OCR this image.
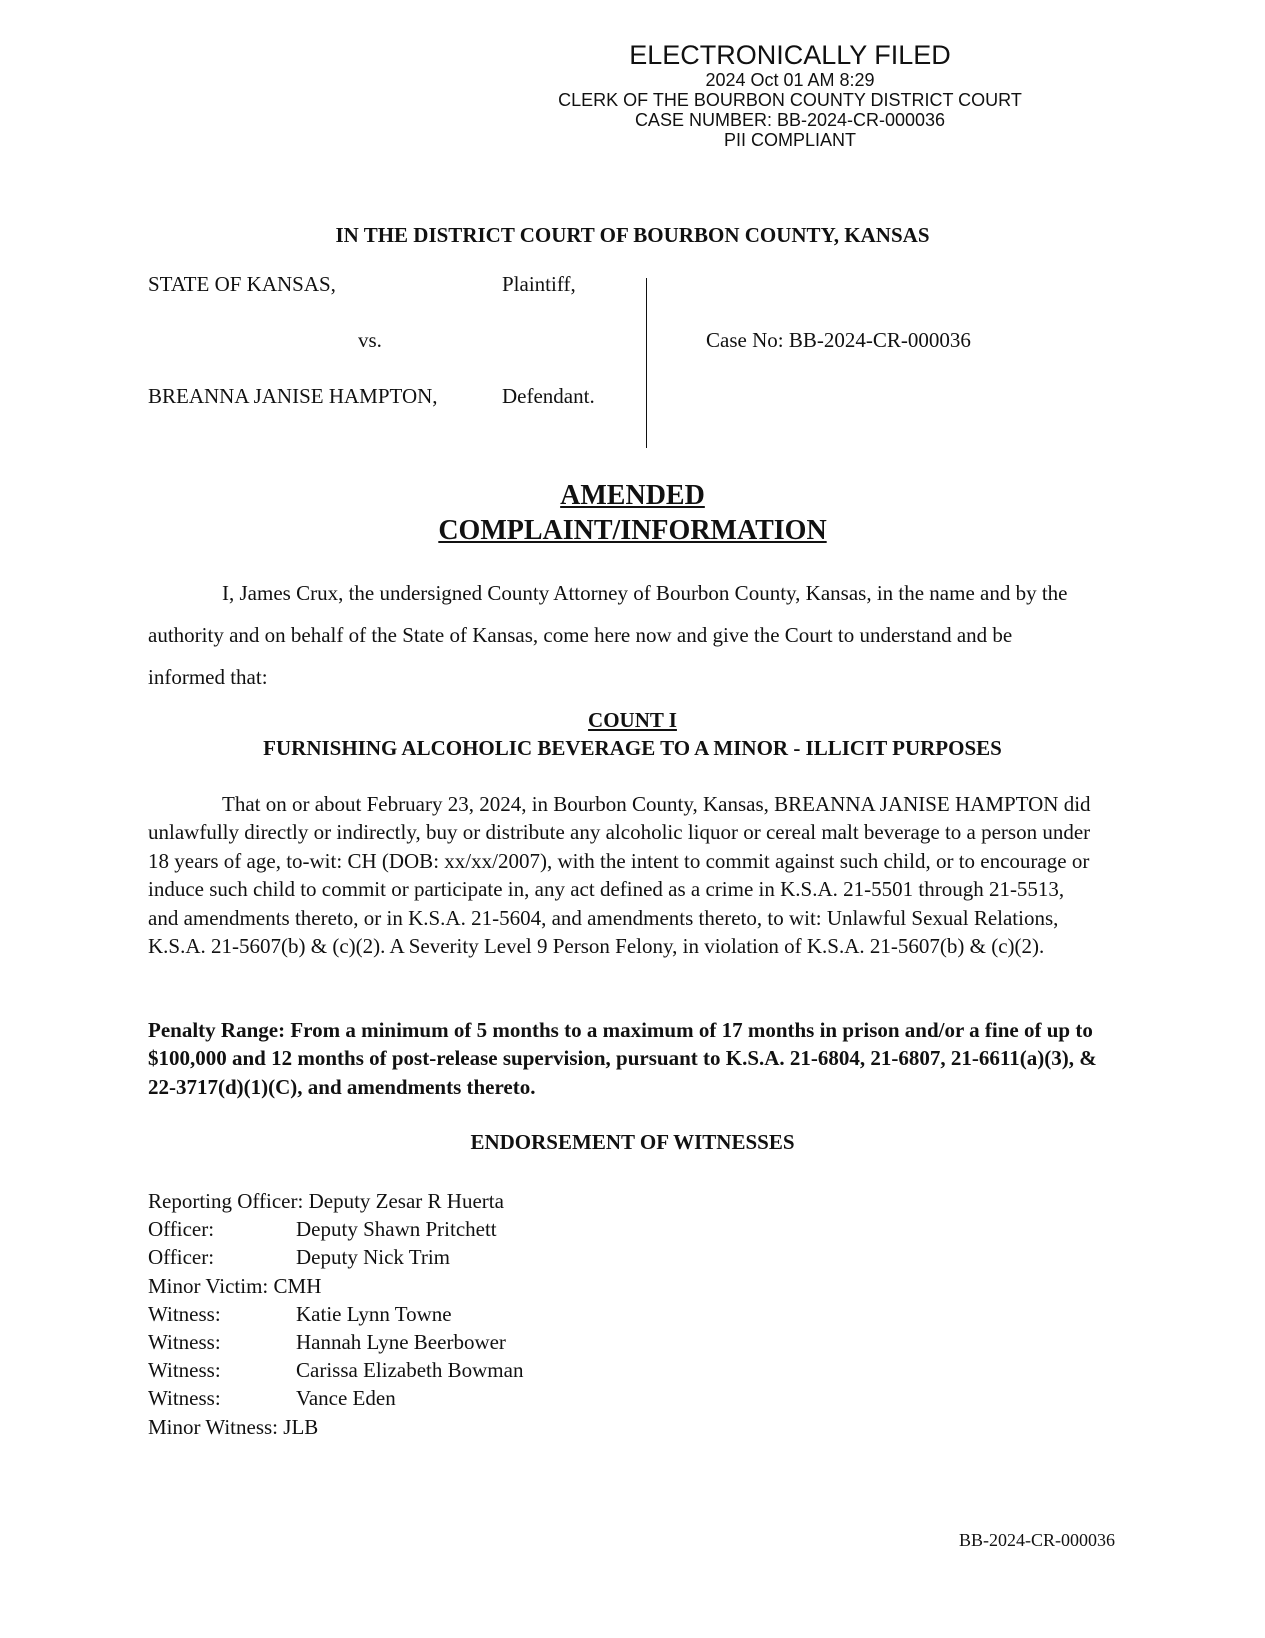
ELECTRONICALLY FILED
2024 Oct 01 AM 8:29
CLERK OF THE BOURBON COUNTY DISTRICT COURT
CASE NUMBER: BB-2024-CR-000036
PII COMPLIANT
IN THE DISTRICT COURT OF BOURBON COUNTY, KANSAS
STATE OF KANSAS,	Plaintiff,
vs.
BREANNA JANISE HAMPTON,	Defendant.
Case No: BB-2024-CR-000036
AMENDED
COMPLAINT/INFORMATION
I, James Crux, the undersigned County Attorney of Bourbon County, Kansas, in the name and by the authority and on behalf of the State of Kansas, come here now and give the Court to understand and be informed that:
COUNT I
FURNISHING ALCOHOLIC BEVERAGE TO A MINOR - ILLICIT PURPOSES
That on or about February 23, 2024, in Bourbon County, Kansas, BREANNA JANISE HAMPTON did unlawfully directly or indirectly, buy or distribute any alcoholic liquor or cereal malt beverage to a person under 18 years of age, to-wit: CH (DOB: xx/xx/2007), with the intent to commit against such child, or to encourage or induce such child to commit or participate in, any act defined as a crime in K.S.A. 21-5501 through 21-5513, and amendments thereto, or in K.S.A. 21-5604, and amendments thereto, to wit: Unlawful Sexual Relations, K.S.A. 21-5607(b) & (c)(2). A Severity Level 9 Person Felony, in violation of K.S.A. 21-5607(b) & (c)(2).
Penalty Range: From a minimum of 5 months to a maximum of 17 months in prison and/or a fine of up to $100,000 and 12 months of post-release supervision, pursuant to K.S.A. 21-6804, 21-6807, 21-6611(a)(3), & 22-3717(d)(1)(C), and amendments thereto.
ENDORSEMENT OF WITNESSES
Reporting Officer: Deputy Zesar R Huerta
Officer:	Deputy Shawn Pritchett
Officer:	Deputy Nick Trim
Minor Victim: CMH
Witness:	Katie Lynn Towne
Witness:	Hannah Lyne Beerbower
Witness:	Carissa Elizabeth Bowman
Witness:	Vance Eden
Minor Witness: JLB
BB-2024-CR-000036
